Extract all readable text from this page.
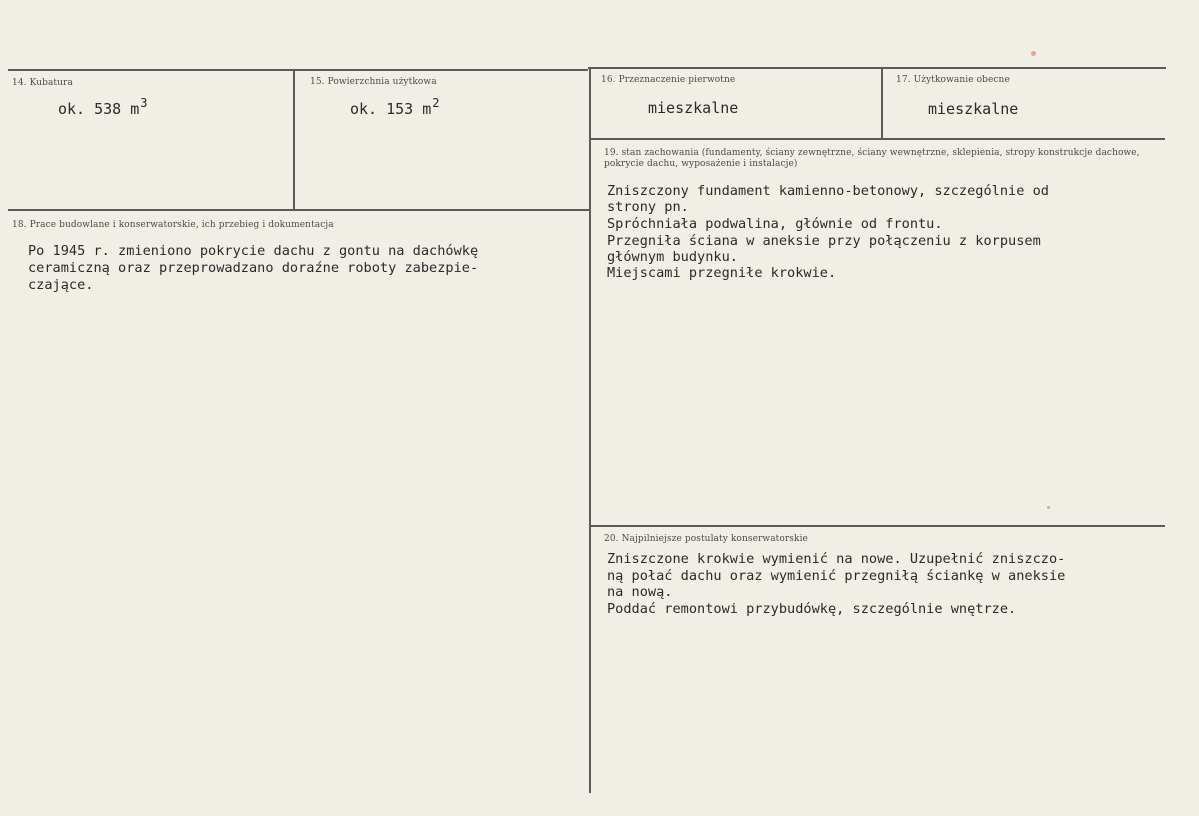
14. Kubatura
ok. 538 $m^3$
15. Powierzchnia użytkowa
ok. 153 $m^2$
16. Przeznaczenie pierwotne
mieszkalne
17. Użytkowanie obecne
mieszkalne
18. Prace budowlane i konserwatorskie, ich przebieg i dokumentacja
Po 1945 r. zmieniono pokrycie dachu z gontu na dachówkę
ceramiczną oraz przeprowadzano doraźne roboty zabezpie-
czające.
19. stan zachowania (fundamenty, ściany zewnętrzne, ściany wewnętrzne, sklepienia, stropy konstrukcje dachowe, pokrycie dachu, wyposażenie i instalacje)
Zniszczony fundament kamienno-betonowy, szczególnie od
strony pn.
Spróchniała podwalina, głównie od frontu.
Przegniła ściana w aneksie przy połączeniu z korpusem
głównym budynku.
Miejscami przegniłe krokwie.
20. Najpilniejsze postulaty konserwatorskie
Zniszczone krokwie wymienić na nowe. Uzupełnić zniszczo-
ną połać dachu oraz wymienić przegniłą ściankę w aneksie
na nową.
Poddać remontowi przybudówkę, szczególnie wnętrze.
